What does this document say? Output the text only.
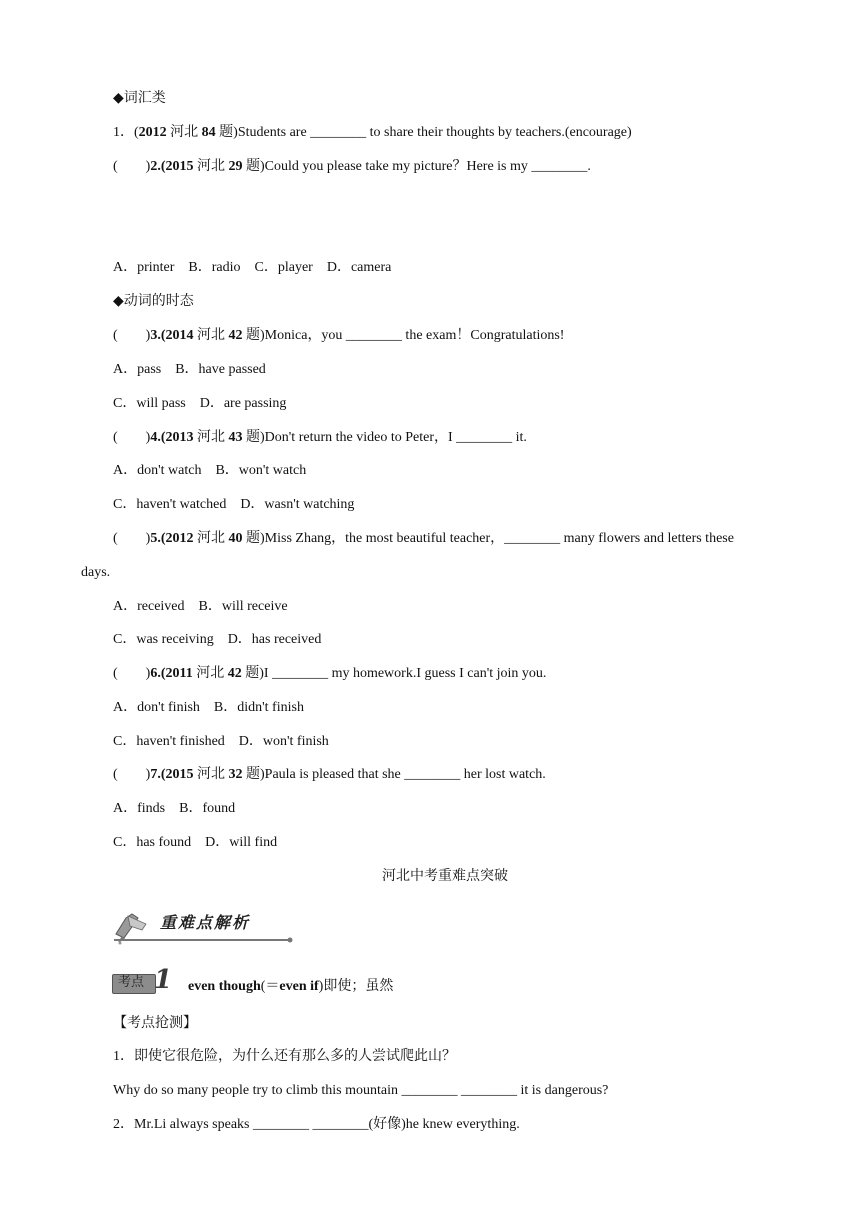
◆词汇类
1．(2012 河北 84 题)Students are ________ to share their thoughts by teachers.(encourage)
(　　)2.(2015 河北 29 题)Could you please take my picture？Here is my ________.
A．printer　B．radio　C．player　D．camera
◆动词的时态
(　　)3.(2014 河北 42 题)Monica，you ________ the exam！Congratulations!
A．pass　B．have passed
C．will pass　D．are passing
(　　)4.(2013 河北 43 题)Don't return the video to Peter，I ________ it.
A．don't watch　B．won't watch
C．haven't watched　D．wasn't watching
(　　)5.(2012 河北 40 题)Miss Zhang，the most beautiful teacher，________ many flowers and letters these
days.
A．received　B．will receive
C．was receiving　D．has received
(　　)6.(2011 河北 42 题)I ________ my homework.I guess I can't join you.
A．don't finish　B．didn't finish
C．haven't finished　D．won't finish
(　　)7.(2015 河北 32 题)Paula is pleased that she ________ her lost watch.
A．finds　B．found
C．has found　D．will find
河北中考重难点突破
重难点解析
考点 1 even though(＝even if)即使；虽然
【考点抢测】
1．即使它很危险，为什么还有那么多的人尝试爬此山？
Why do so many people try to climb this mountain ________ ________ it is dangerous?
2．Mr.Li always speaks ________ ________(好像)he knew everything.
